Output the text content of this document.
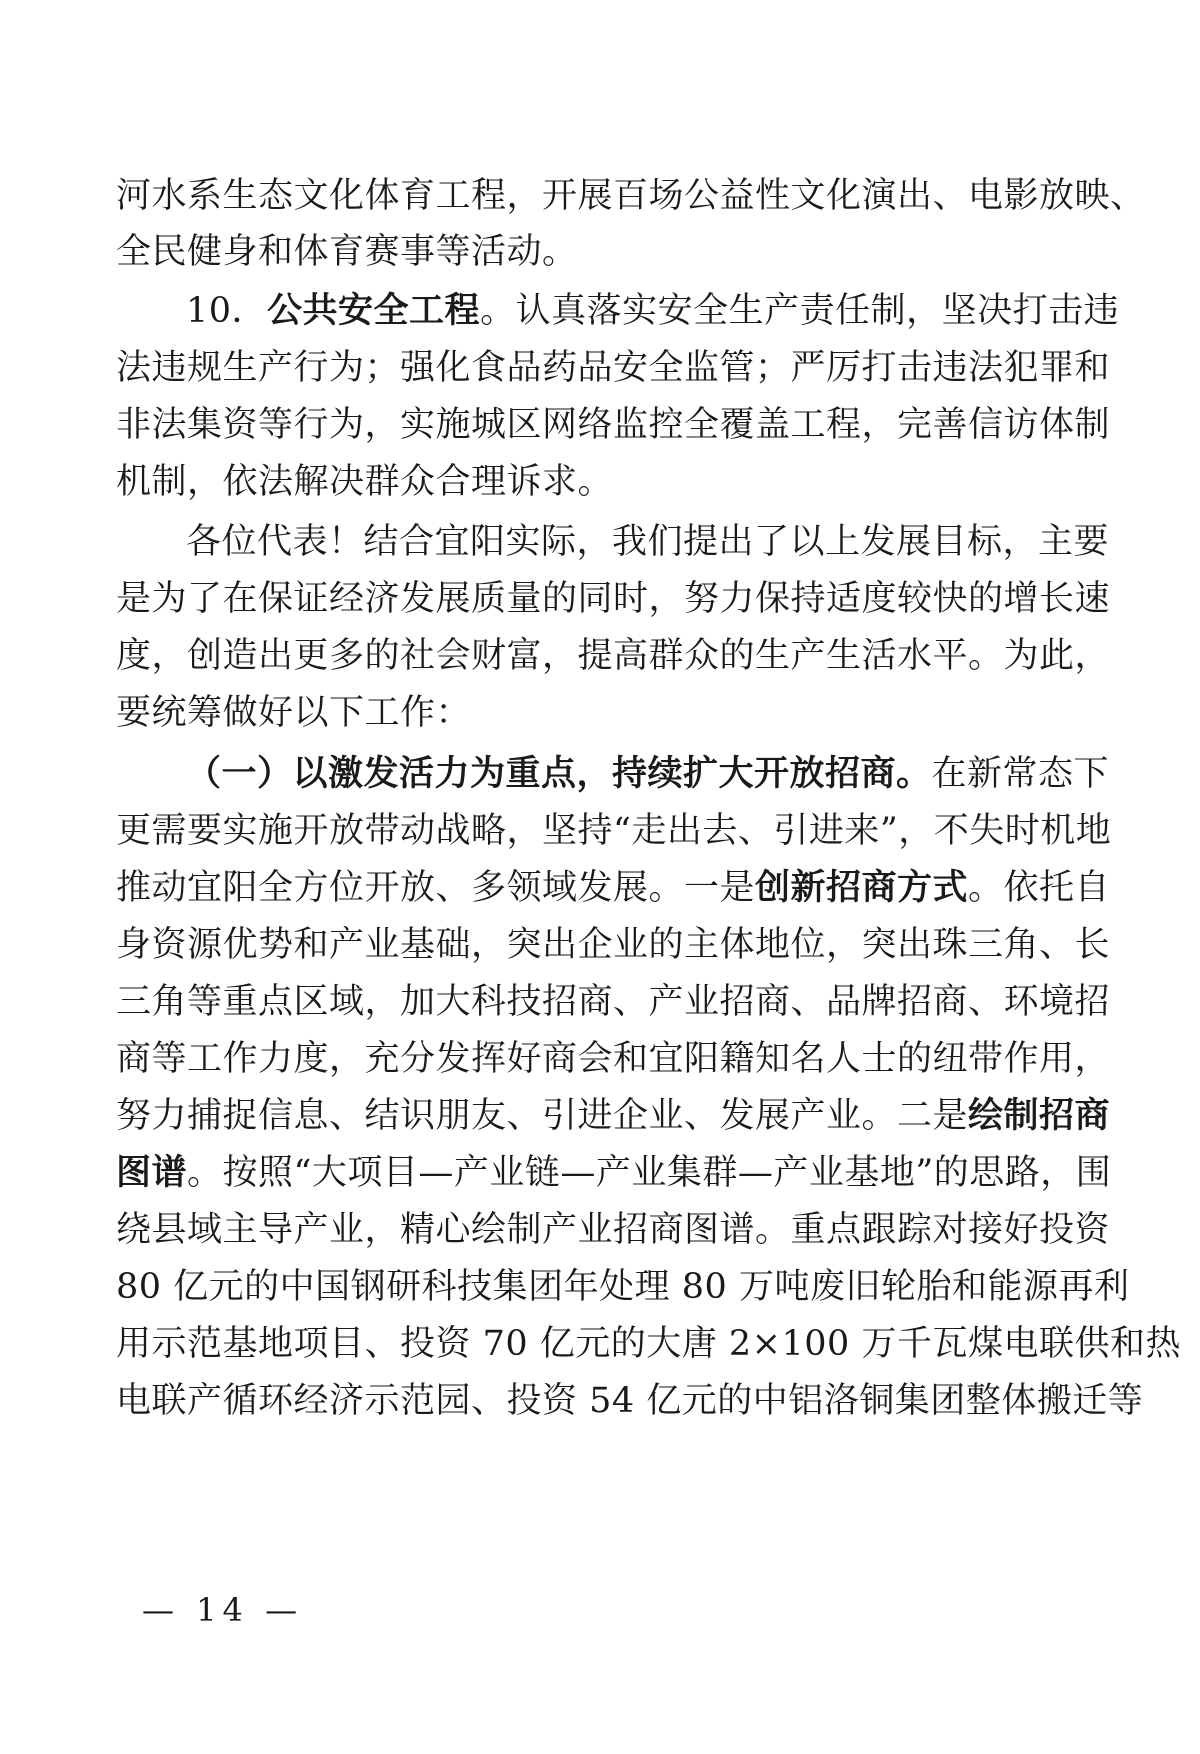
河水系生态文化体育工程，开展百场公益性文化演出、电影放映、
全民健身和体育赛事等活动。
10．公共安全工程。认真落实安全生产责任制，坚决打击违
法违规生产行为；强化食品药品安全监管；严厉打击违法犯罪和
非法集资等行为，实施城区网络监控全覆盖工程，完善信访体制
机制，依法解决群众合理诉求。
各位代表！结合宜阳实际，我们提出了以上发展目标，主要
是为了在保证经济发展质量的同时，努力保持适度较快的增长速
度，创造出更多的社会财富，提高群众的生产生活水平。为此，
要统筹做好以下工作：
（一）以激发活力为重点，持续扩大开放招商。在新常态下
更需要实施开放带动战略，坚持“走出去、引进来”，不失时机地
推动宜阳全方位开放、多领域发展。一是创新招商方式。依托自
身资源优势和产业基础，突出企业的主体地位，突出珠三角、长
三角等重点区域，加大科技招商、产业招商、品牌招商、环境招
商等工作力度，充分发挥好商会和宜阳籍知名人士的纽带作用，
努力捕捉信息、结识朋友、引进企业、发展产业。二是绘制招商
图谱。按照“大项目—产业链—产业集群—产业基地”的思路，围
绕县域主导产业，精心绘制产业招商图谱。重点跟踪对接好投资
80 亿元的中国钢研科技集团年处理 80 万吨废旧轮胎和能源再利
用示范基地项目、投资 70 亿元的大唐 2×100 万千瓦煤电联供和热
电联产循环经济示范园、投资 54 亿元的中铝洛铜集团整体搬迁等
— 14 —
